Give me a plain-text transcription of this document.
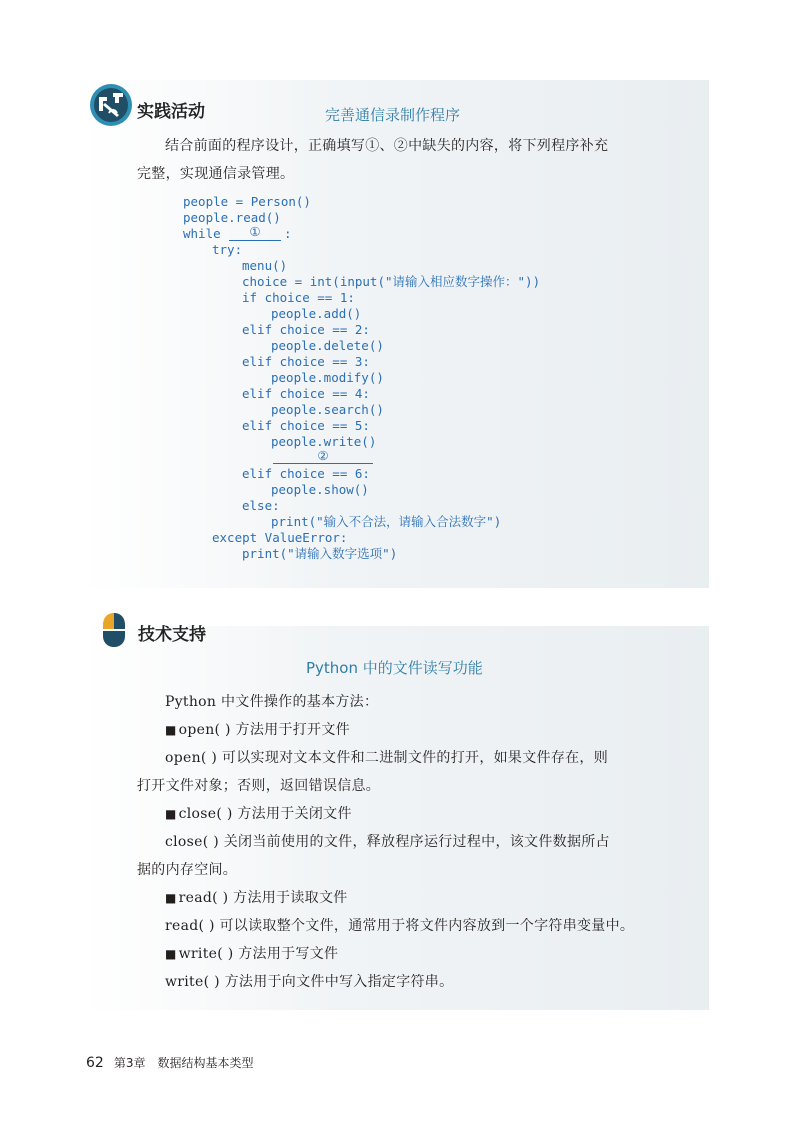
实践活动	完善通信录制作程序
结合前面的程序设计，正确填写①、②中缺失的内容，将下列程序补充
完整，实现通信录管理。
people = Person()
people.read()
while	①	:
try:
menu()
choice = int(input("请输入相应数字操作："))
if choice == 1:
people.add()
elif choice == 2:
people.delete()
elif choice == 3:
people.modify()
elif choice == 4:
people.search()
elif choice == 5:
people.write()
②
elif choice == 6:
people.show()
else:
print("输入不合法，请输入合法数字")
except ValueError:
print("请输入数字选项")
技术支持
Python 中的文件读写功能
Python 中文件操作的基本方法：
■ open( ) 方法用于打开文件
open( ) 可以实现对文本文件和二进制文件的打开，如果文件存在，则
打开文件对象；否则，返回错误信息。
■ close( ) 方法用于关闭文件
close( ) 关闭当前使用的文件，释放程序运行过程中，该文件数据所占
据的内存空间。
■ read( ) 方法用于读取文件
read( ) 可以读取整个文件，通常用于将文件内容放到一个字符串变量中。
■ write( ) 方法用于写文件
write( ) 方法用于向文件中写入指定字符串。
62 第3章 数据结构基本类型
